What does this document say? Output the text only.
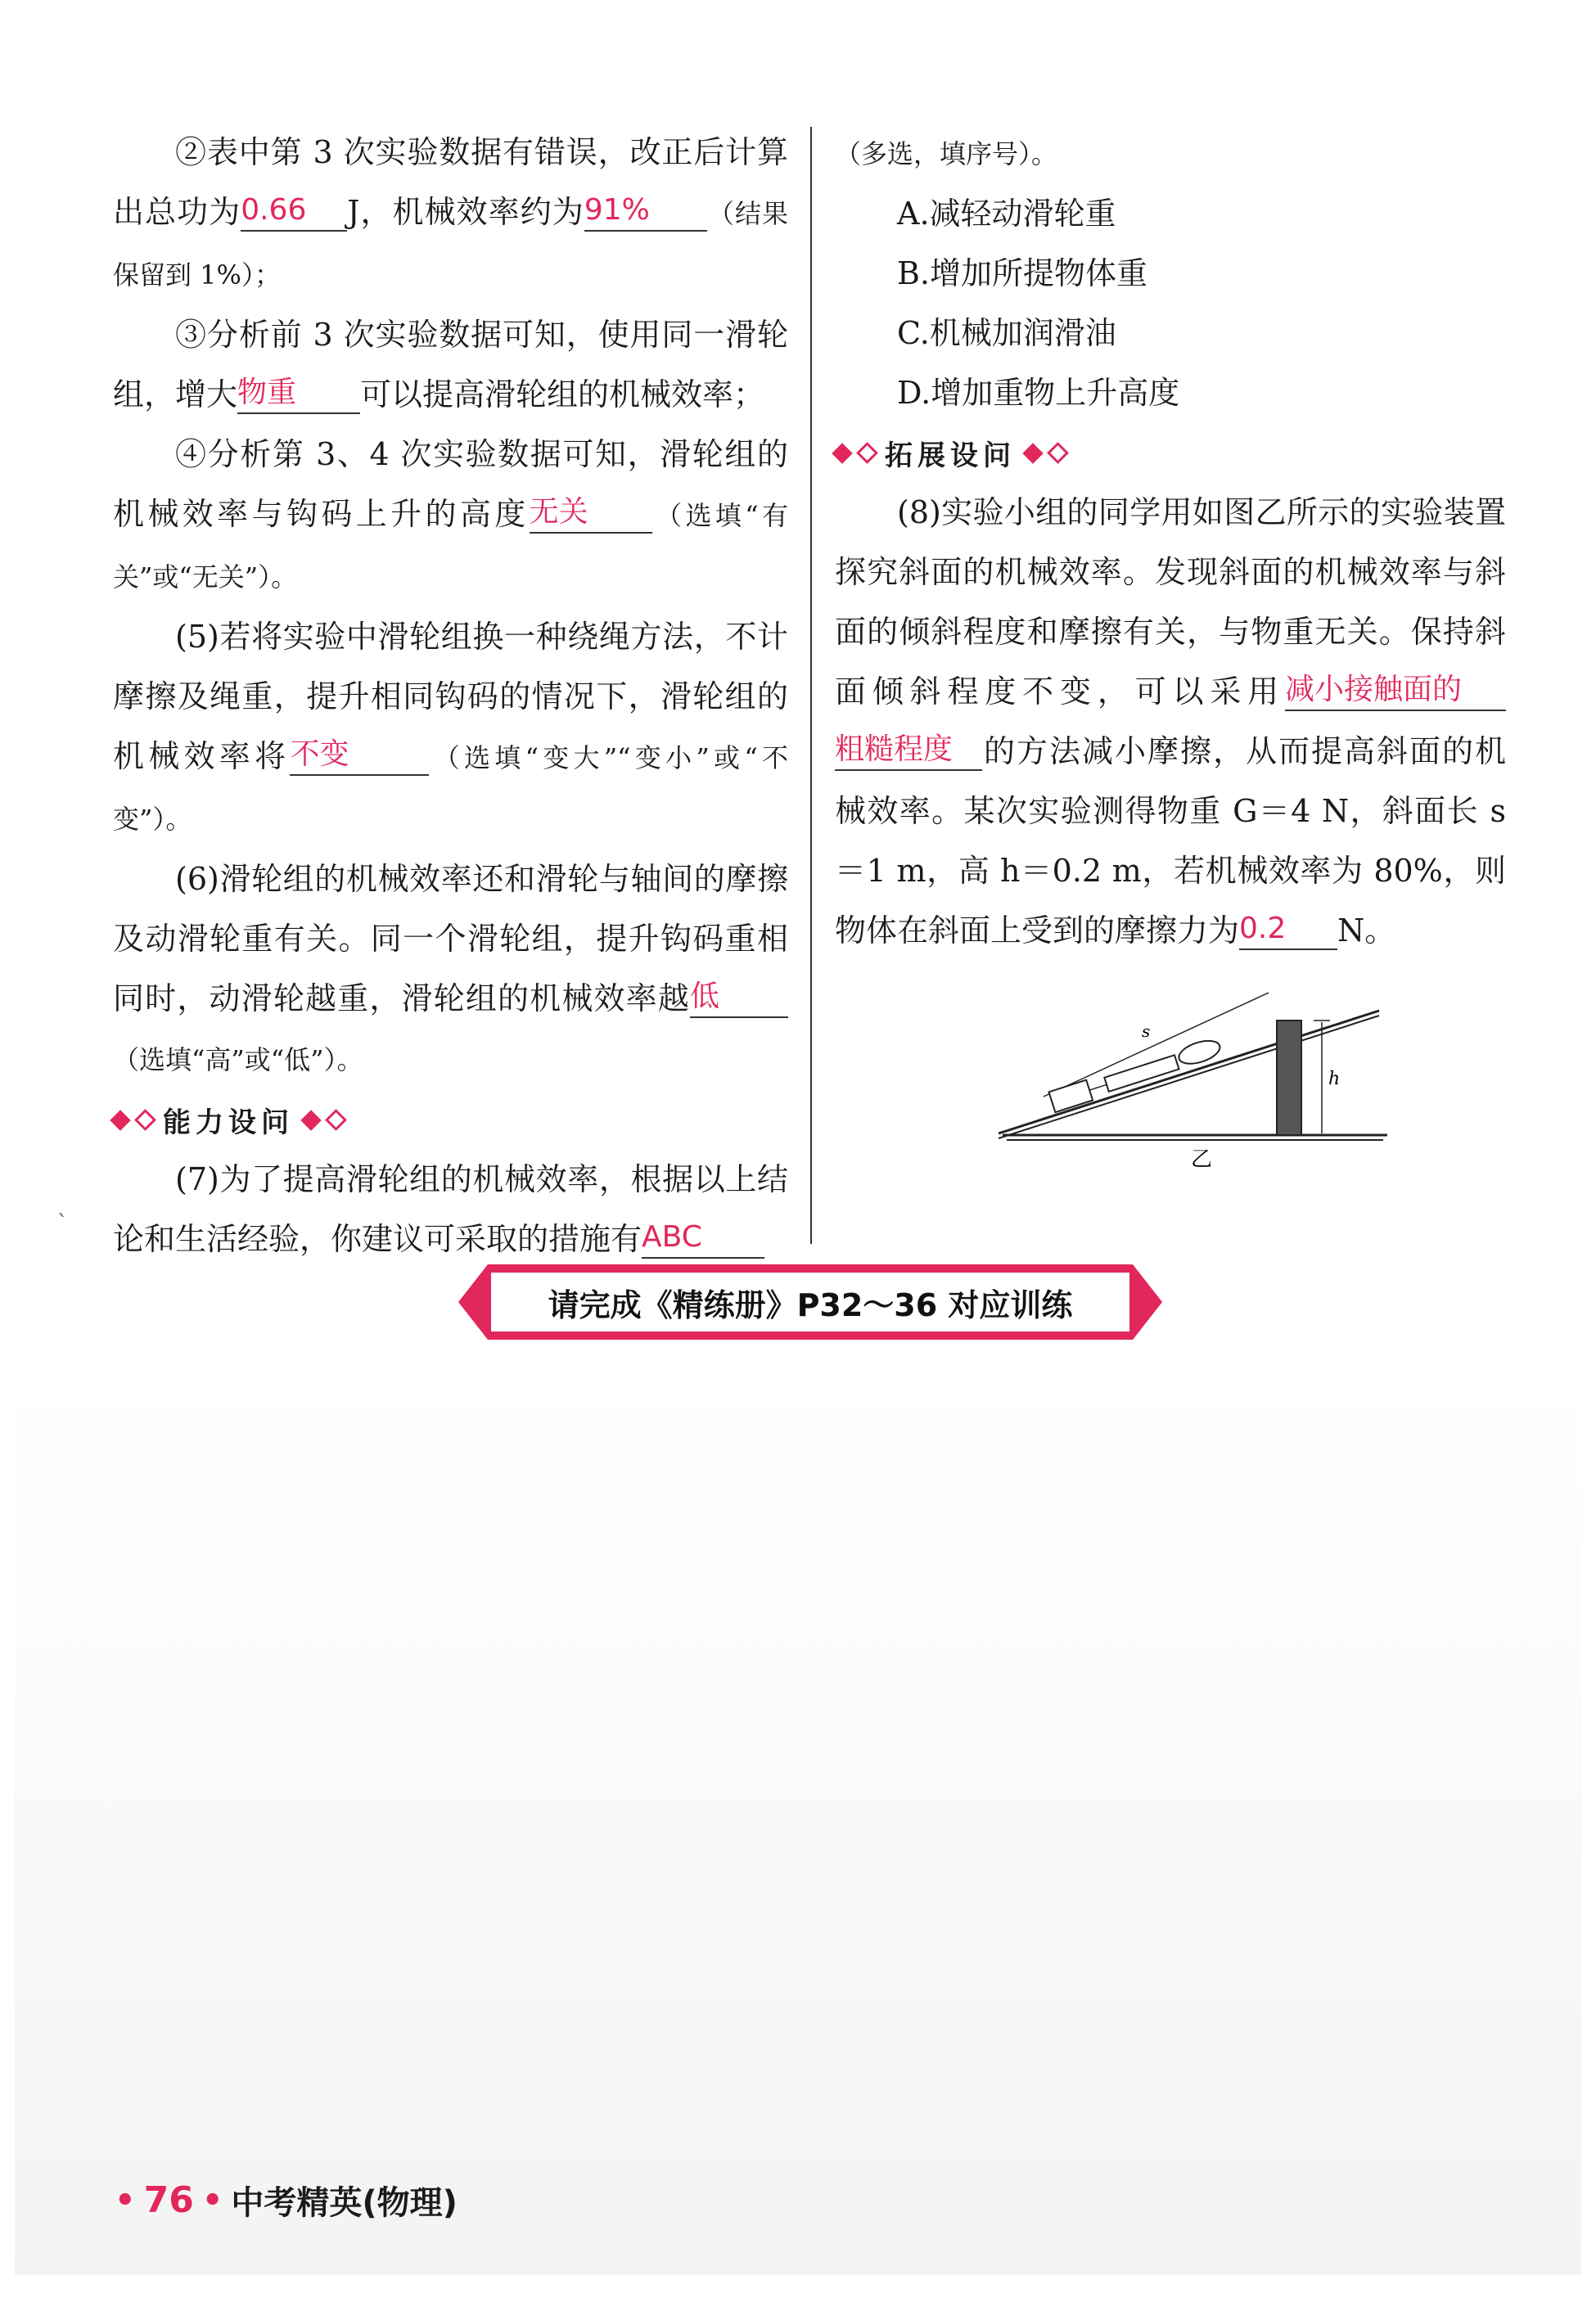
②表中第 3 次实验数据有错误，改正后计算出总功为0.66 J，机械效率约为91% （结果保留到 1%）；

③分析前 3 次实验数据可知，使用同一滑轮组，增大物重 可以提高滑轮组的机械效率；

④分析第 3、4 次实验数据可知，滑轮组的机械效率与钩码上升的高度无关 （选填“有关”或“无关”）。

(5)若将实验中滑轮组换一种绕绳方法，不计摩擦及绳重，提升相同钩码的情况下，滑轮组的机械效率将不变	（选填“变大”“变小”或“不变”）。

(6)滑轮组的机械效率还和滑轮与轴间的摩擦及动滑轮重有关。同一个滑轮组，提升钩码重相同时，动滑轮越重，滑轮组的机械效率越低（选填“高”或“低”）。

能力设问

(7)为了提高滑轮组的机械效率，根据以上结论和生活经验，你建议可采取的措施有ABC

（多选，填序号）。

A.减轻动滑轮重

B.增加所提物体重

C.机械加润滑油

D.增加重物上升高度

拓展设问

(8)实验小组的同学用如图乙所示的实验装置探究斜面的机械效率。发现斜面的机械效率与斜面的倾斜程度和摩擦有关，与物重无关。保持斜面倾斜程度不变，可以采用减小接触面的粗糙程度 的方法减小摩擦，从而提高斜面的机械效率。某次实验测得物重 G＝4 N，斜面长 s＝1 m，高 h＝0.2 m，若机械效率为 80%，则物体在斜面上受到的摩擦力为0.2 N。

h
s
乙
请完成《精练册》P32～36 对应训练
`
• 76 • 中考精英(物理)
